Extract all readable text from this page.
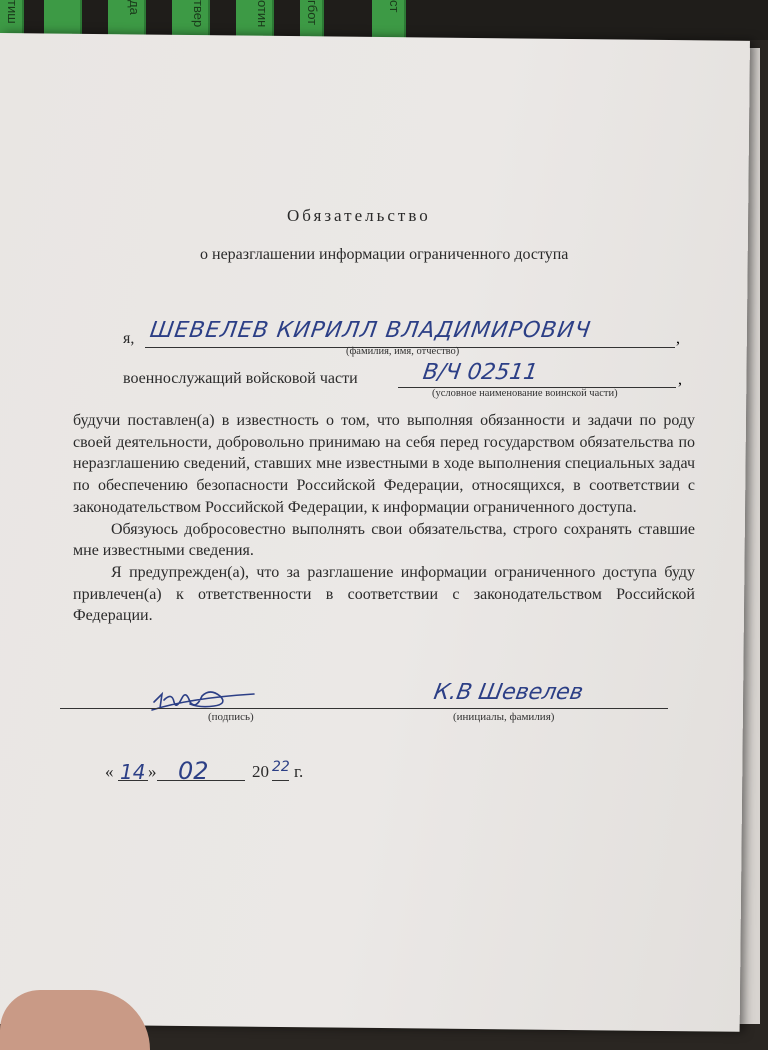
тиш	да	твер	отин	гбот	ст
Обязательство
о неразглашении информации ограниченного доступа
я, ШЕВЕЛЕВ КИРИЛЛ ВЛАДИМИРОВИЧ	,
(фамилия, имя, отчество)
военнослужащий войсковой части	В/Ч 02511	,
(условное наименование воинской части)

будучи поставлен(а) в известность о том, что выполняя обязанности и задачи по роду своей деятельности, добровольно принимаю на себя перед государством обязательства по неразглашению сведений, ставших мне известными в ходе выполнения специальных задач по обеспечению безопасности Российской Федерации, относящихся, в соответствии с законодательством Российской Федерации, к информации ограниченного доступа.

Обязуюсь добросовестно выполнять свои обязательства, строго сохранять ставшие мне известными сведения.

Я предупрежден(а), что за разглашение информации ограниченного доступа буду привлечен(а) к ответственности в соответствии с законодательством Российской Федерации.

К.В Шевелев
(подпись)	(инициалы, фамилия)
« 14 » 02	20 22 г.
